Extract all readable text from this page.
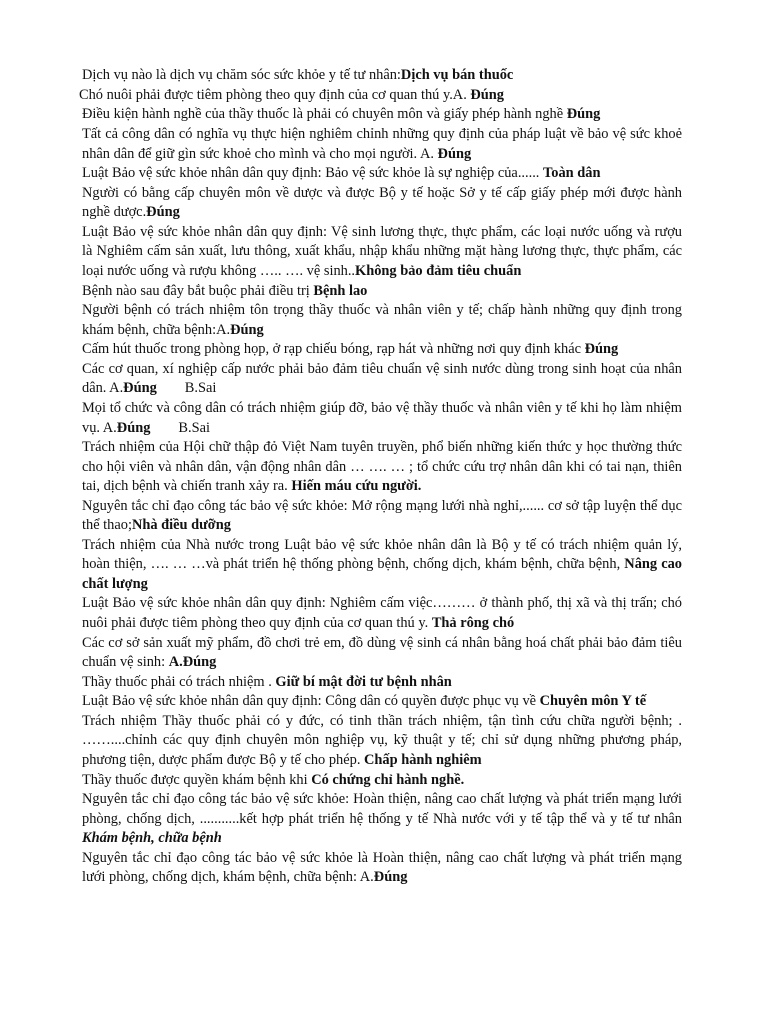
Dịch vụ nào là dịch vụ chăm sóc sức khỏe y tế tư nhân:Dịch vụ bán thuốc

Chó nuôi phải được tiêm phòng theo quy định của cơ quan thú y.A. Đúng

Điều kiện hành nghề của thầy thuốc là phải có chuyên môn và giấy phép hành nghề Đúng

Tất cả công dân có nghĩa vụ thực hiện nghiêm chỉnh những quy định của pháp luật về bảo vệ sức khoẻ nhân dân để giữ gìn sức khoẻ cho mình và cho mọi người. A. Đúng

Luật Bảo vệ sức khỏe nhân dân quy định: Bảo vệ sức khỏe là sự nghiệp của...... Toàn dân

Người có bằng cấp chuyên môn về dược và được Bộ y tế hoặc Sở y tế cấp giấy phép mới được hành nghề dược.Đúng

Luật Bảo vệ sức khỏe nhân dân quy định: Vệ sinh lương thực, thực phẩm, các loại nước uống và rượu là Nghiêm cấm sản xuất, lưu thông, xuất khẩu, nhập khẩu những mặt hàng lương thực, thực phẩm, các loại nước uống và rượu không ….. …. vệ sinh..Không bảo đảm tiêu chuẩn

Bệnh nào sau đây bắt buộc phải điều trị Bệnh lao

Người bệnh có trách nhiệm tôn trọng thầy thuốc và nhân viên y tế; chấp hành những quy định trong khám bệnh, chữa bệnh:A.Đúng

Cấm hút thuốc trong phòng họp, ở rạp chiếu bóng, rạp hát và những nơi quy định khác Đúng

Các cơ quan, xí nghiệp cấp nước phải bảo đảm tiêu chuẩn vệ sinh nước dùng trong sinh hoạt của nhân dân. A.Đúng B.Sai

Mọi tổ chức và công dân có trách nhiệm giúp đỡ, bảo vệ thầy thuốc và nhân viên y tế khi họ làm nhiệm vụ. A.Đúng B.Sai

Trách nhiệm của Hội chữ thập đỏ Việt Nam tuyên truyền, phổ biến những kiến thức y học thường thức cho hội viên và nhân dân, vận động nhân dân … …. … ; tổ chức cứu trợ nhân dân khi có tai nạn, thiên tai, dịch bệnh và chiến tranh xảy ra. Hiến máu cứu người.

Nguyên tắc chỉ đạo công tác bảo vệ sức khỏe: Mở rộng mạng lưới nhà nghỉ,...... cơ sở tập luyện thể dục thể thao;Nhà điều dưỡng

Trách nhiệm của Nhà nước trong Luật bảo vệ sức khỏe nhân dân là Bộ y tế có trách nhiệm quản lý, hoàn thiện, …. … …và phát triển hệ thống phòng bệnh, chống dịch, khám bệnh, chữa bệnh, Nâng cao chất lượng

Luật Bảo vệ sức khỏe nhân dân quy định: Nghiêm cấm việc……… ở thành phố, thị xã và thị trấn; chó nuôi phải được tiêm phòng theo quy định của cơ quan thú y. Thả rông chó

Các cơ sở sản xuất mỹ phẩm, đồ chơi trẻ em, đồ dùng vệ sinh cá nhân bằng hoá chất phải bảo đảm tiêu chuẩn vệ sinh: A.Đúng

Thầy thuốc phải có trách nhiệm . Giữ bí mật đời tư bệnh nhân

Luật Bảo vệ sức khỏe nhân dân quy định: Công dân có quyền được phục vụ về Chuyên môn Y tế

Trách nhiệm Thầy thuốc phải có y đức, có tinh thần trách nhiệm, tận tình cứu chữa người bệnh; . ……....chỉnh các quy định chuyên môn nghiệp vụ, kỹ thuật y tế; chỉ sử dụng những phương pháp, phương tiện, dược phẩm được Bộ y tế cho phép. Chấp hành nghiêm

Thầy thuốc được quyền khám bệnh khi Có chứng chỉ hành nghề.

Nguyên tắc chỉ đạo công tác bảo vệ sức khỏe: Hoàn thiện, nâng cao chất lượng và phát triển mạng lưới phòng, chống dịch, ...........kết hợp phát triển hệ thống y tế Nhà nước với y tế tập thể và y tế tư nhân Khám bệnh, chữa bệnh

Nguyên tắc chỉ đạo công tác bảo vệ sức khỏe là Hoàn thiện, nâng cao chất lượng và phát triển mạng lưới phòng, chống dịch, khám bệnh, chữa bệnh: A.Đúng
